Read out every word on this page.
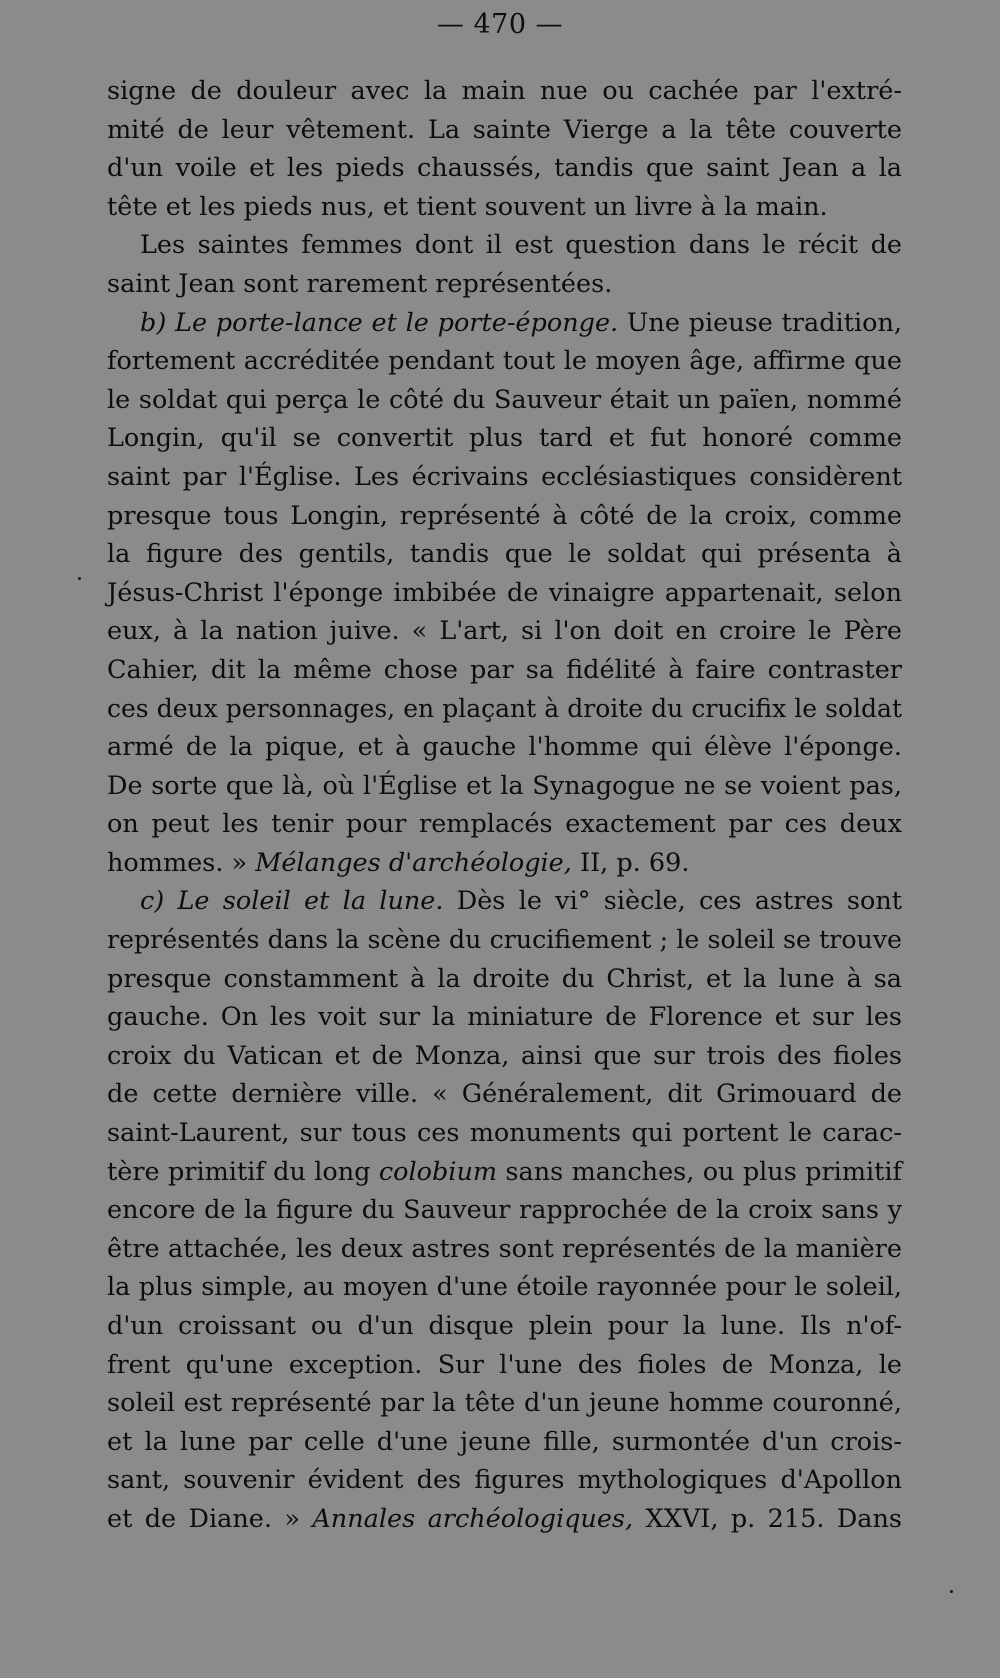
— 470 —
signe de douleur avec la main nue ou cachée par l'extré-
mité de leur vêtement. La sainte Vierge a la tête couverte
d'un voile et les pieds chaussés, tandis que saint Jean a la
tête et les pieds nus, et tient souvent un livre à la main.
Les saintes femmes dont il est question dans le récit de
saint Jean sont rarement représentées.
b) Le porte-lance et le porte-éponge. Une pieuse tradition,
fortement accréditée pendant tout le moyen âge, affirme que
le soldat qui perça le côté du Sauveur était un païen, nommé
Longin, qu'il se convertit plus tard et fut honoré comme
saint par l'Église. Les écrivains ecclésiastiques considèrent
presque tous Longin, représenté à côté de la croix, comme
la figure des gentils, tandis que le soldat qui présenta à
Jésus-Christ l'éponge imbibée de vinaigre appartenait, selon
eux, à la nation juive. « L'art, si l'on doit en croire le Père
Cahier, dit la même chose par sa fidélité à faire contraster
ces deux personnages, en plaçant à droite du crucifix le soldat
armé de la pique, et à gauche l'homme qui élève l'éponge.
De sorte que là, où l'Église et la Synagogue ne se voient pas,
on peut les tenir pour remplacés exactement par ces deux
hommes. » Mélanges d'archéologie, II, p. 69.
c) Le soleil et la lune. Dès le vi° siècle, ces astres sont
représentés dans la scène du crucifiement ; le soleil se trouve
presque constamment à la droite du Christ, et la lune à sa
gauche. On les voit sur la miniature de Florence et sur les
croix du Vatican et de Monza, ainsi que sur trois des fioles
de cette dernière ville. « Généralement, dit Grimouard de
saint-Laurent, sur tous ces monuments qui portent le carac-
tère primitif du long colobium sans manches, ou plus primitif
encore de la figure du Sauveur rapprochée de la croix sans y
être attachée, les deux astres sont représentés de la manière
la plus simple, au moyen d'une étoile rayonnée pour le soleil,
d'un croissant ou d'un disque plein pour la lune. Ils n'of-
frent qu'une exception. Sur l'une des fioles de Monza, le
soleil est représenté par la tête d'un jeune homme couronné,
et la lune par celle d'une jeune fille, surmontée d'un crois-
sant, souvenir évident des figures mythologiques d'Apollon
et de Diane. » Annales archéologiques, XXVI, p. 215. Dans
